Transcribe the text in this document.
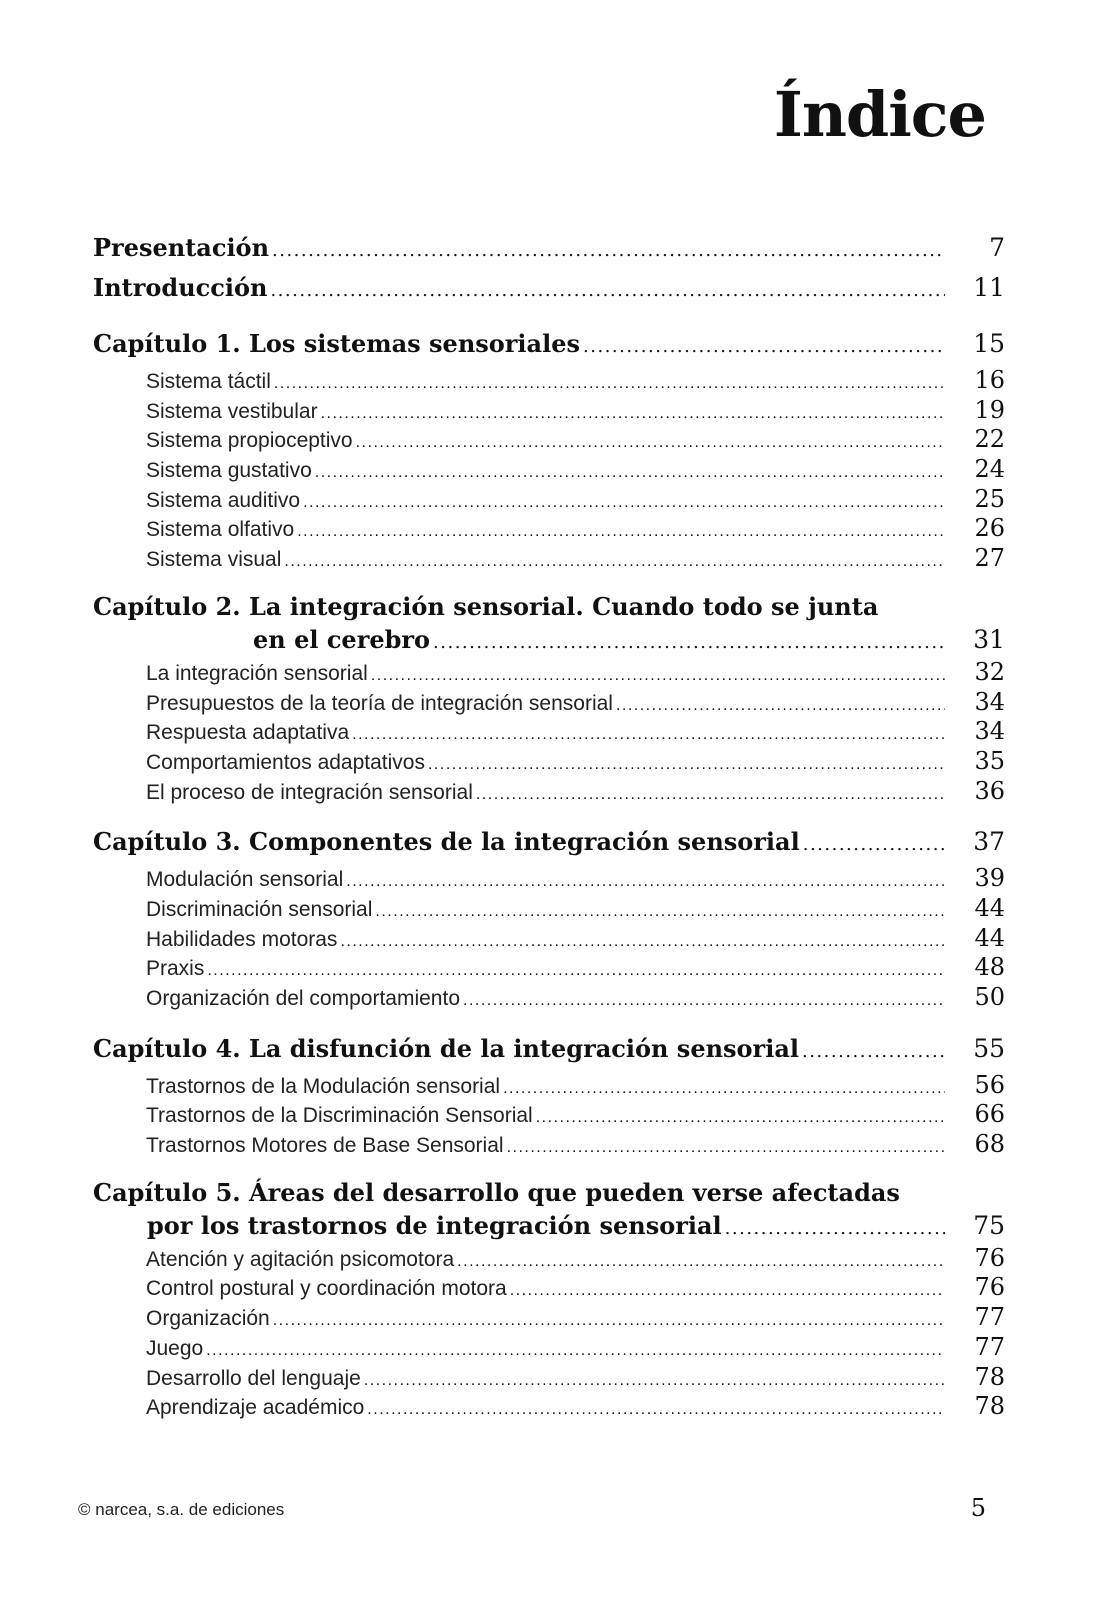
Índice
Presentación .....	7
Introducción .....	11
Capítulo 1. Los sistemas sensoriales .....	15
Sistema táctil .....	16
Sistema vestibular .....	19
Sistema propioceptivo .....	22
Sistema gustativo .....	24
Sistema auditivo .....	25
Sistema olfativo .....	26
Sistema visual .....	27
Capítulo 2. La integración sensorial. Cuando todo se junta
en el cerebro .....	31
La integración sensorial .....	32
Presupuestos de la teoría de integración sensorial .....	34
Respuesta adaptativa .....	34
Comportamientos adaptativos .....	35
El proceso de integración sensorial .....	36
Capítulo 3. Componentes de la integración sensorial .....	37
Modulación sensorial .....	39
Discriminación sensorial .....	44
Habilidades motoras .....	44
Praxis .....	48
Organización del comportamiento .....	50
Capítulo 4. La disfunción de la integración sensorial .....	55
Trastornos de la Modulación sensorial .....	56
Trastornos de la Discriminación Sensorial .....	66
Trastornos Motores de Base Sensorial .....	68
Capítulo 5. Áreas del desarrollo que pueden verse afectadas
por los trastornos de integración sensorial .....	75
Atención y agitación psicomotora .....	76
Control postural y coordinación motora .....	76
Organización .....	77
Juego .....	77
Desarrollo del lenguaje .....	78
Aprendizaje académico .....	78
© narcea, s.a. de ediciones	5
